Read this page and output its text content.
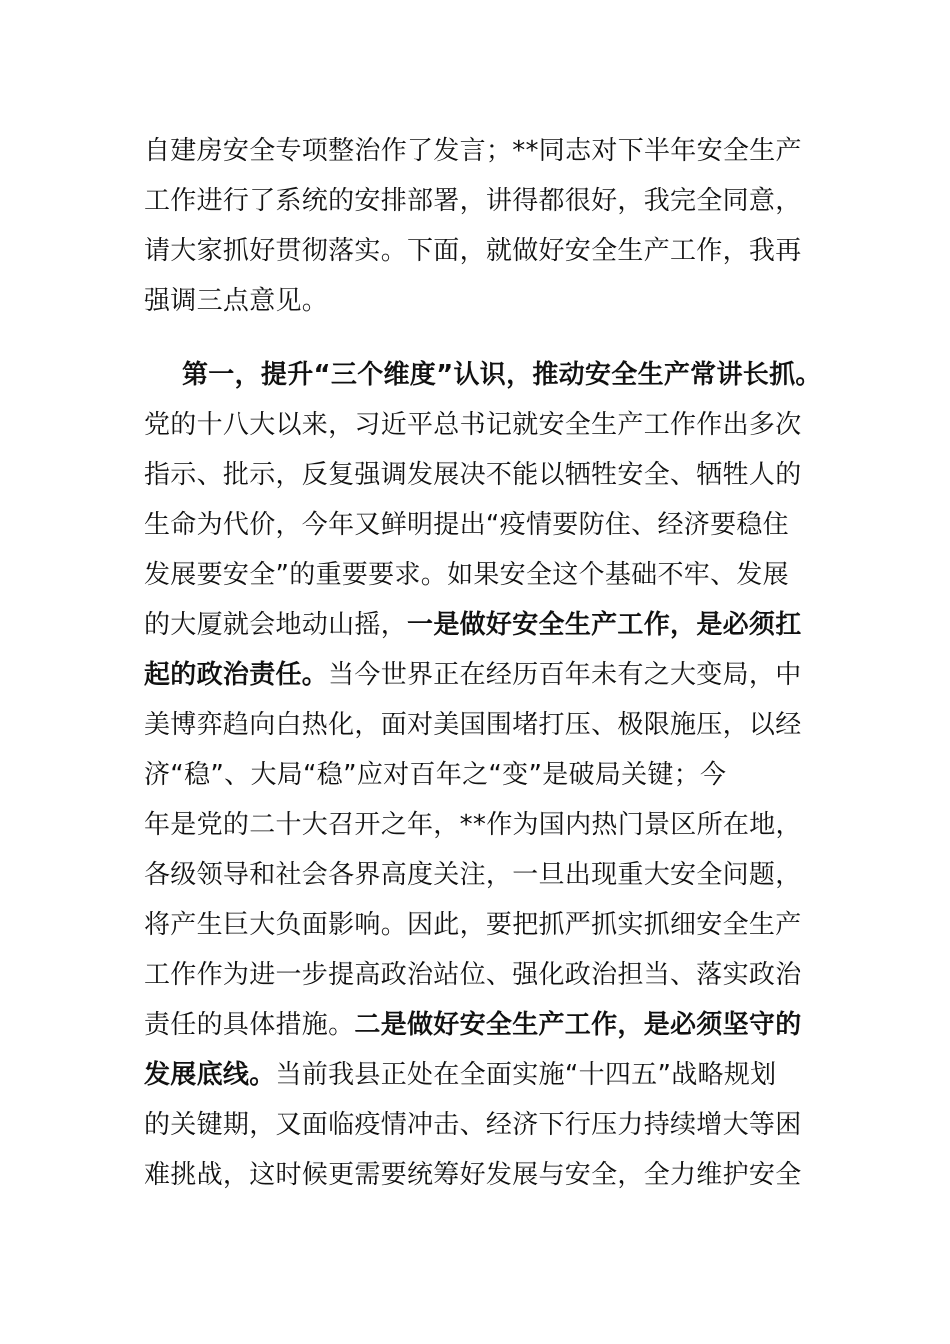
自建房安全专项整治作了发言；**同志对下半年安全生产
工作进行了系统的安排部署，讲得都很好，我完全同意，
请大家抓好贯彻落实。下面，就做好安全生产工作，我再
强调三点意见。
第一，提升“三个维度”认识，推动安全生产常讲长抓。
党的十八大以来，习近平总书记就安全生产工作作出多次
指示、批示，反复强调发展决不能以牺牲安全、牺牲人的
生命为代价，今年又鲜明提出“疫情要防住、经济要稳住
发展要安全”的重要要求。如果安全这个基础不牢、发展
的大厦就会地动山摇，一是做好安全生产工作，是必须扛
起的政治责任。当今世界正在经历百年未有之大变局，中
美博弈趋向白热化，面对美国围堵打压、极限施压，以经
济“稳”、大局“稳”应对百年之“变”是破局关键；今
年是党的二十大召开之年，**作为国内热门景区所在地，
各级领导和社会各界高度关注，一旦出现重大安全问题，
将产生巨大负面影响。因此，要把抓严抓实抓细安全生产
工作作为进一步提高政治站位、强化政治担当、落实政治
责任的具体措施。二是做好安全生产工作，是必须坚守的
发展底线。当前我县正处在全面实施“十四五”战略规划
的关键期，又面临疫情冲击、经济下行压力持续增大等困
难挑战，这时候更需要统筹好发展与安全，全力维护安全
